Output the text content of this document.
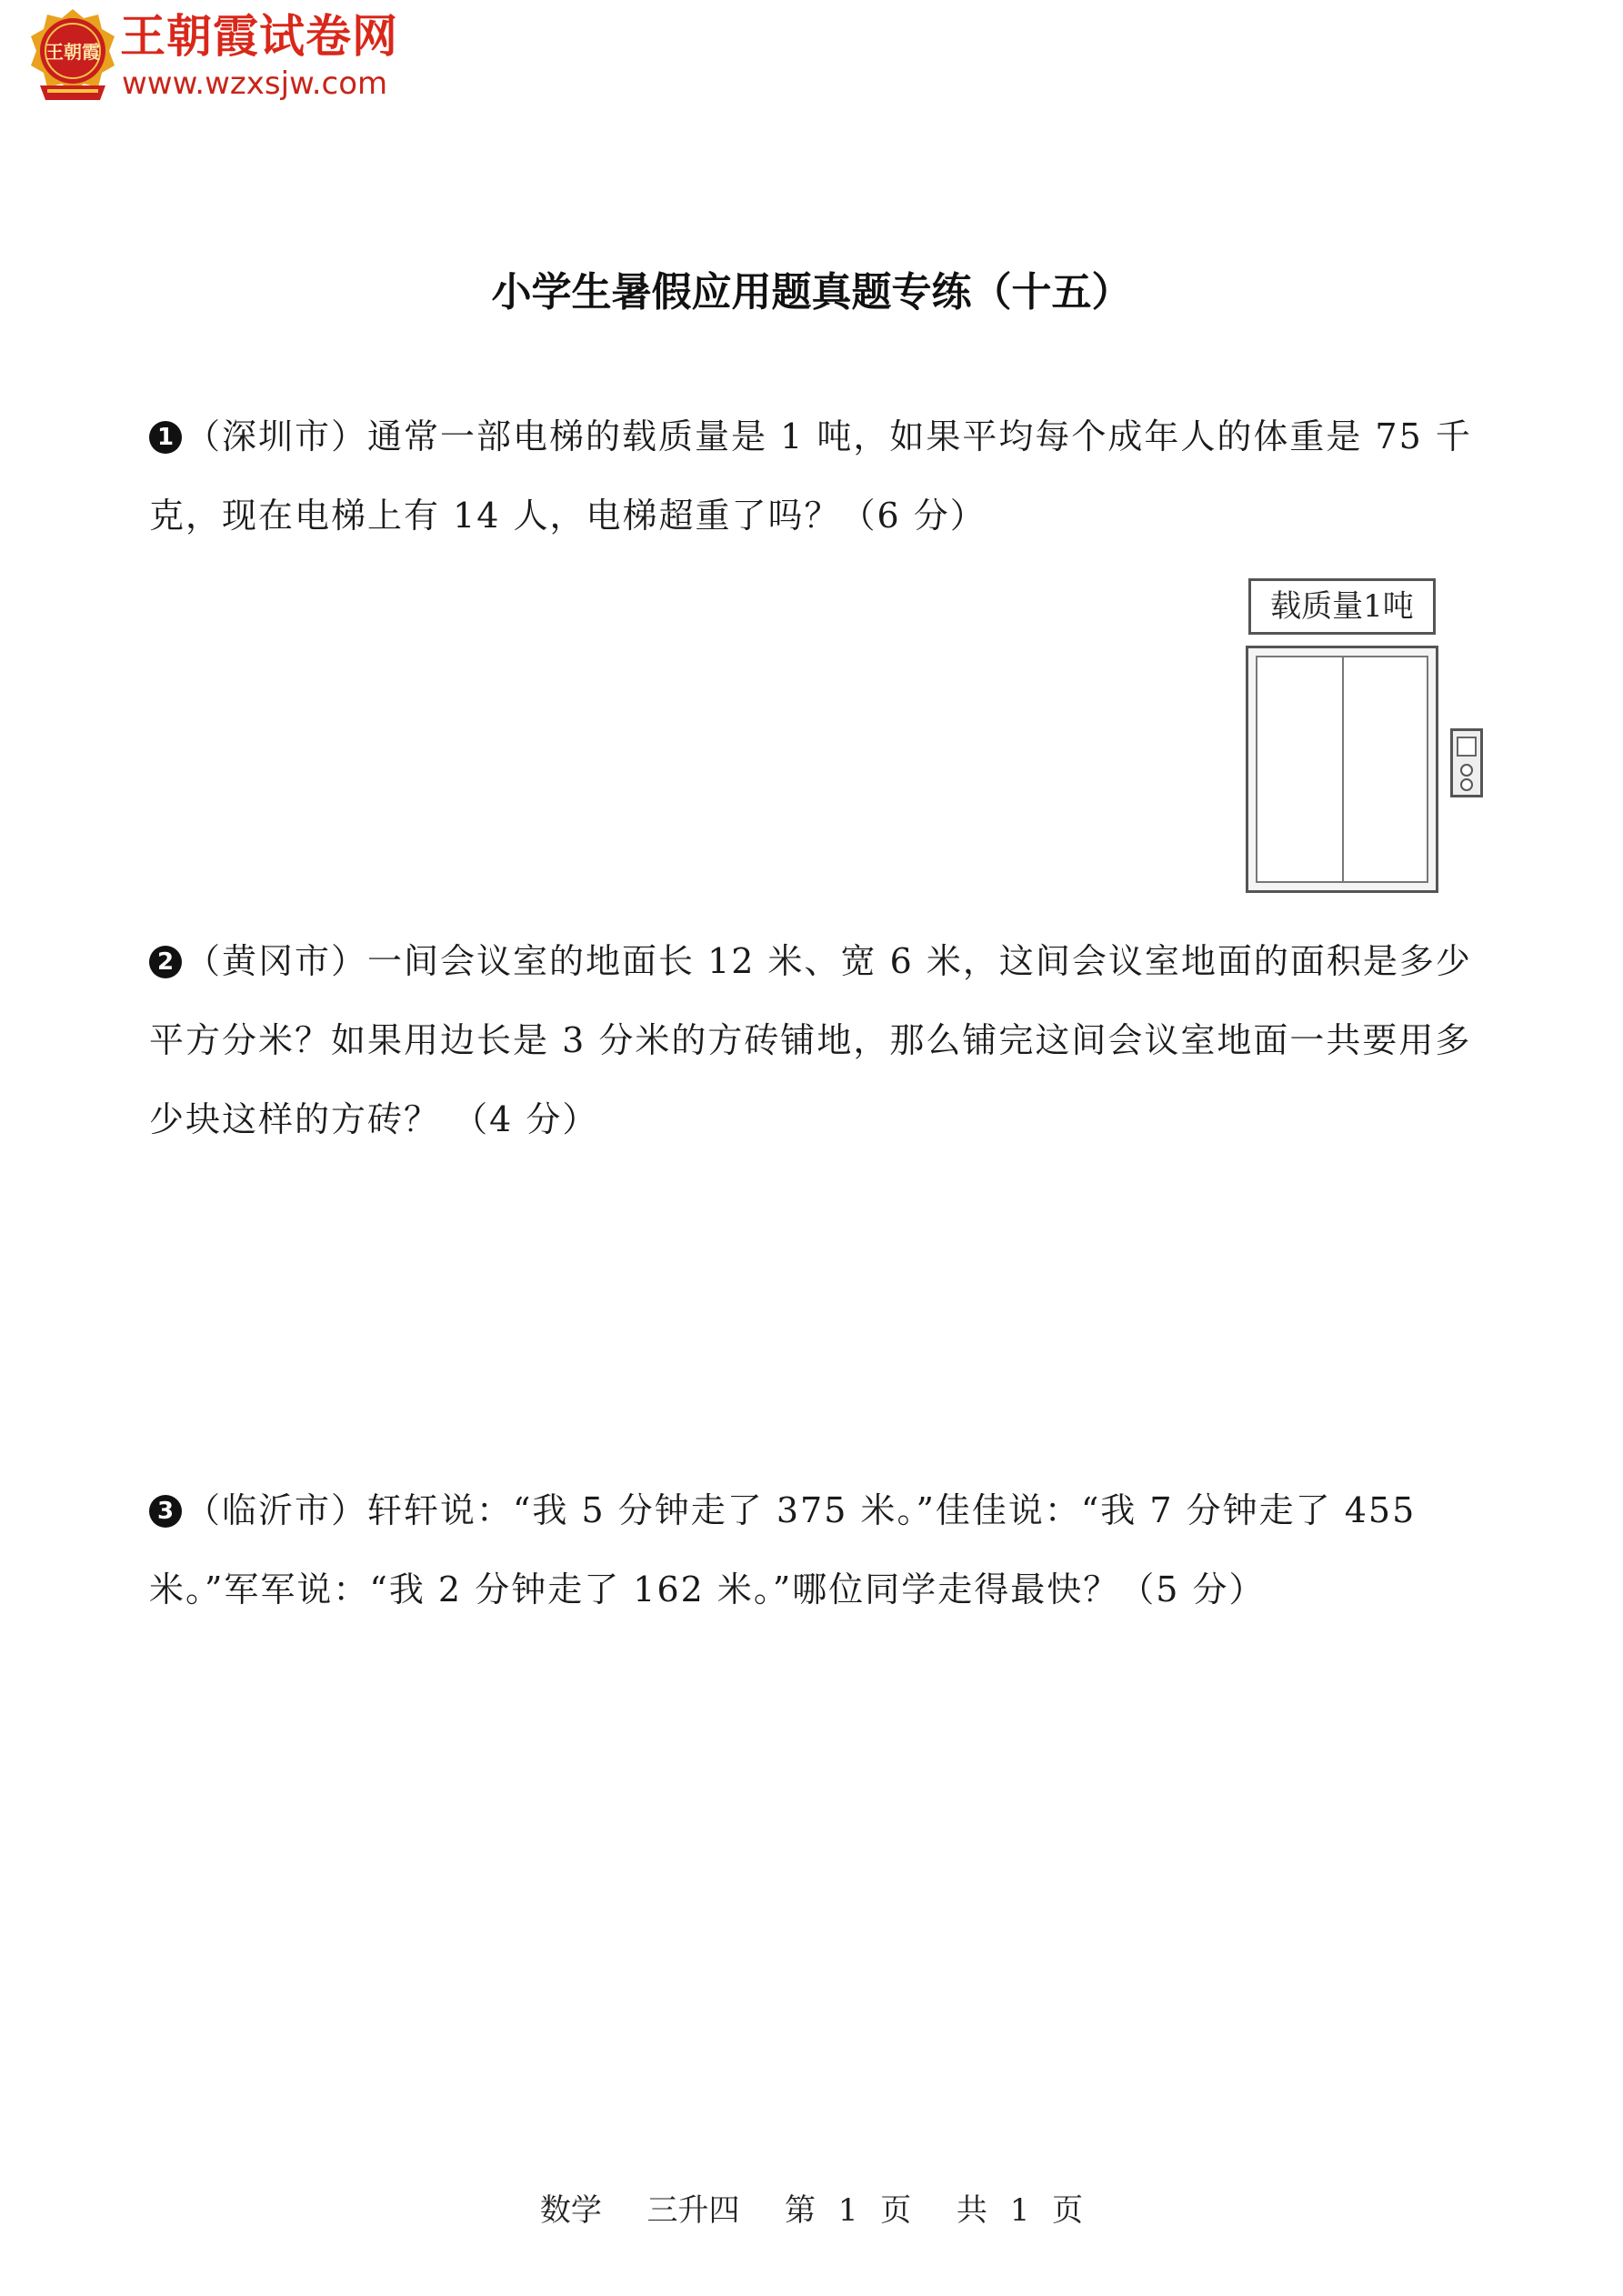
王朝霞 王朝霞试卷网
www.wzxsjw.com
小学生暑假应用题真题专练（十五）
1 （深圳市）通常一部电梯的载质量是 1 吨，如果平均每个成年人的体重是 75 千克，现在电梯上有 14 人，电梯超重了吗？（6 分）
载质量1吨
2 （黄冈市）一间会议室的地面长 12 米、宽 6 米，这间会议室地面的面积是多少平方分米？如果用边长是 3 分米的方砖铺地，那么铺完这间会议室地面一共要用多少块这样的方砖？ （4 分）
3 （临沂市）轩轩说：“我 5 分钟走了 375 米。”佳佳说：“我 7 分钟走了 455 米。”军军说：“我 2 分钟走了 162 米。”哪位同学走得最快？（5 分）
数学  三升四  第 1 页  共 1 页
